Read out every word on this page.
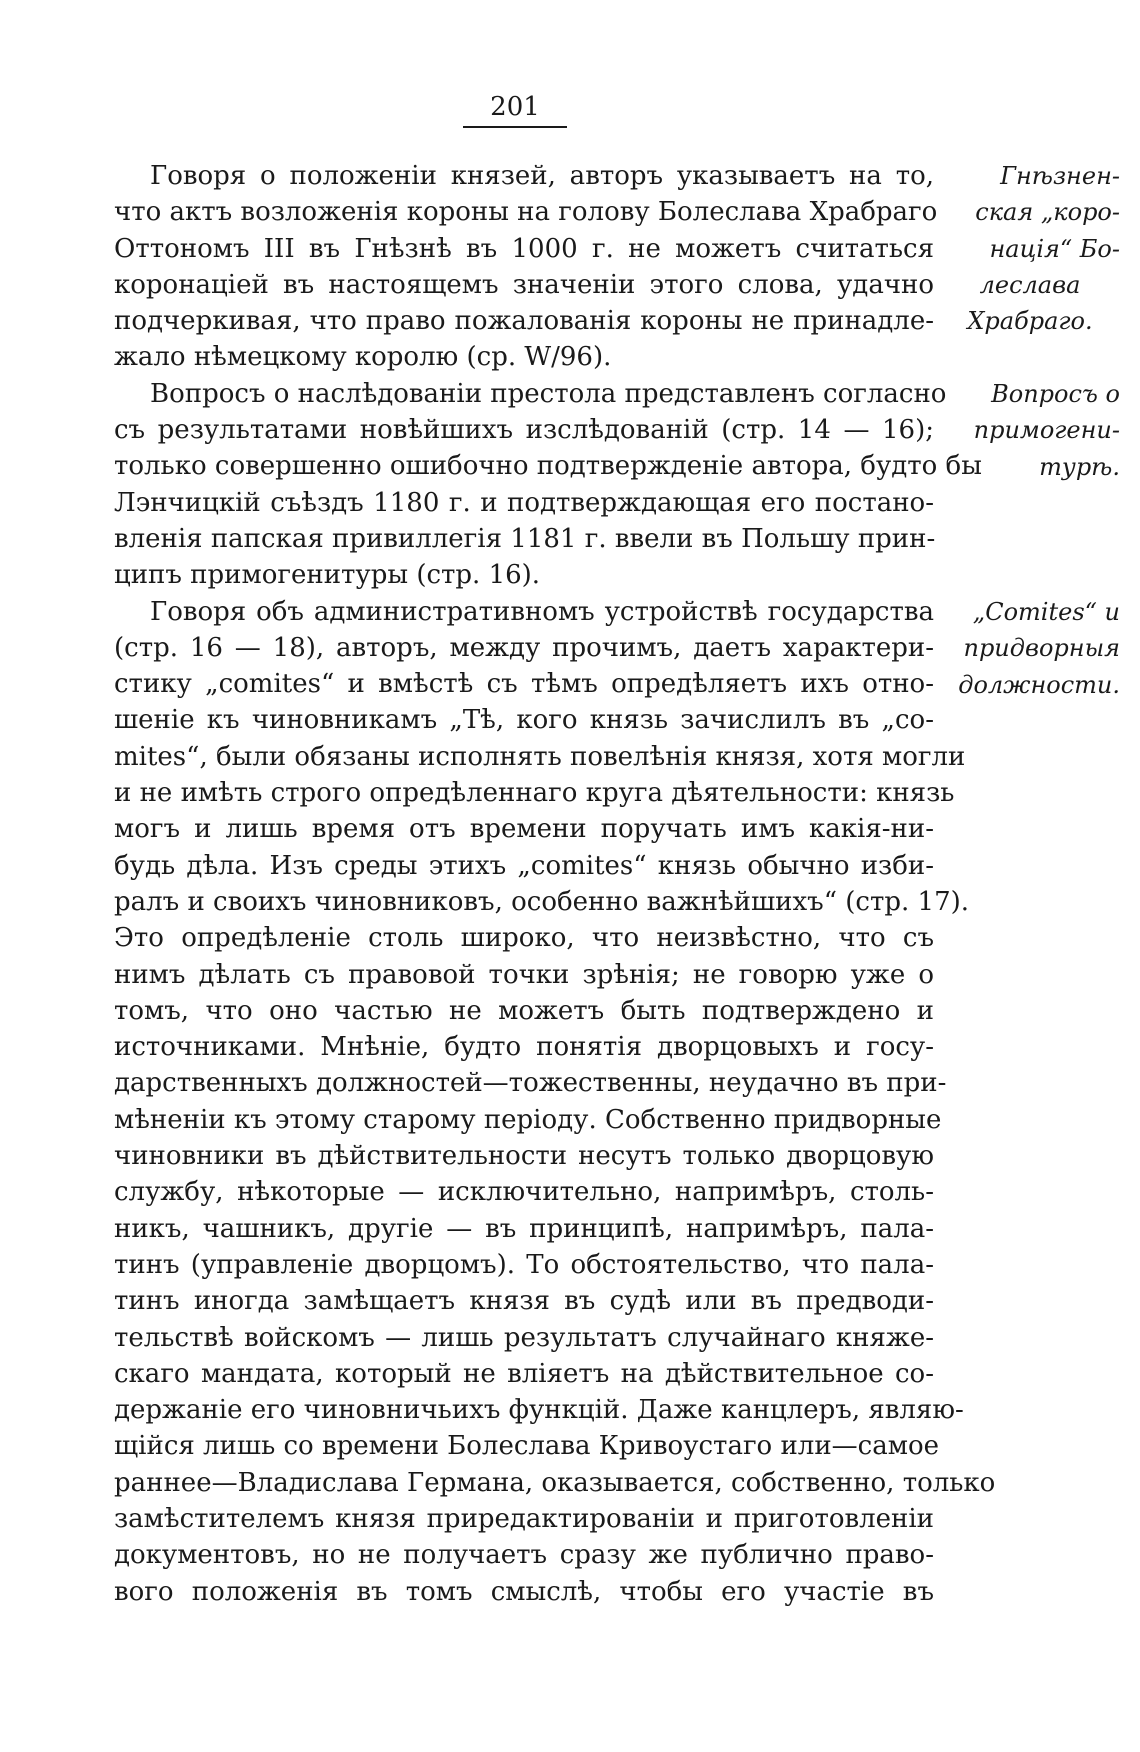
201
Говоря о положенiи князей, авторъ указываетъ на то,
что актъ возложенiя короны на голову Болеслава Храбраго
Оттономъ III въ Гнѣзнѣ въ 1000 г. не можетъ считаться
коронацiей въ настоящемъ значенiи этого слова, удачно
подчеркивая, что право пожалованiя короны не принадле-
жало нѣмецкому королю (ср. W/96).
Вопросъ о наслѣдованiи престола представленъ согласно
съ результатами новѣйшихъ изслѣдованiй (стр. 14 — 16);
только совершенно ошибочно подтвержденiе автора, будто бы
Лэнчицкiй съѣздъ 1180 г. и подтверждающая его постано-
вленiя папская привиллегiя 1181 г. ввели въ Польшу прин-
ципъ примогенитуры (стр. 16).
Говоря объ административномъ устройствѣ государства
(стр. 16 — 18), авторъ, между прочимъ, даетъ характери-
стику „comites“ и вмѣстѣ съ тѣмъ опредѣляетъ ихъ отно-
шенiе къ чиновникамъ „Тѣ, кого князь зачислилъ въ „co-
mites“, были обязаны исполнять повелѣнiя князя, хотя могли
и не имѣть строго опредѣленнаго круга дѣятельности: князь
могъ и лишь время отъ времени поручать имъ какiя-ни-
будь дѣла. Изъ среды этихъ „comites“ князь обычно изби-
ралъ и своихъ чиновниковъ, особенно важнѣйшихъ“ (стр. 17).
Это опредѣленiе столь широко, что неизвѣстно, что съ
нимъ дѣлать съ правовой точки зрѣнiя; не говорю уже о
томъ, что оно частью не можетъ быть подтверждено и
источниками. Мнѣнiе, будто понятiя дворцовыхъ и госу-
дарственныхъ должностей—тожественны, неудачно въ при-
мѣненiи къ этому старому перiоду. Собственно придворные
чиновники въ дѣйствительности несутъ только дворцовую
службу, нѣкоторые — исключительно, напримѣръ, столь-
никъ, чашникъ, другiе — въ принципѣ, напримѣръ, пала-
тинъ (управленiе дворцомъ). То обстоятельство, что пала-
тинъ иногда замѣщаетъ князя въ судѣ или въ предводи-
тельствѣ войскомъ — лишь результатъ случайнаго княже-
скаго мандата, который не влiяетъ на дѣйствительное со-
держанiе его чиновничьихъ функцiй. Даже канцлеръ, являю-
щiйся лишь со времени Болеслава Кривоустаго или—самое
раннее—Владислава Германа, оказывается, собственно, только
замѣстителемъ князя приредактированiи и приготовленiи
документовъ, но не получаетъ сразу же публично право-
вого положенiя въ томъ смыслѣ, чтобы его участiе въ
Гнѣзнен-
ская „коро-
нацiя“ Бо-
леслава
Храбраго.
Вопросъ о
примогени-
турѣ.
„Comites“ и
придворныя
должности.
